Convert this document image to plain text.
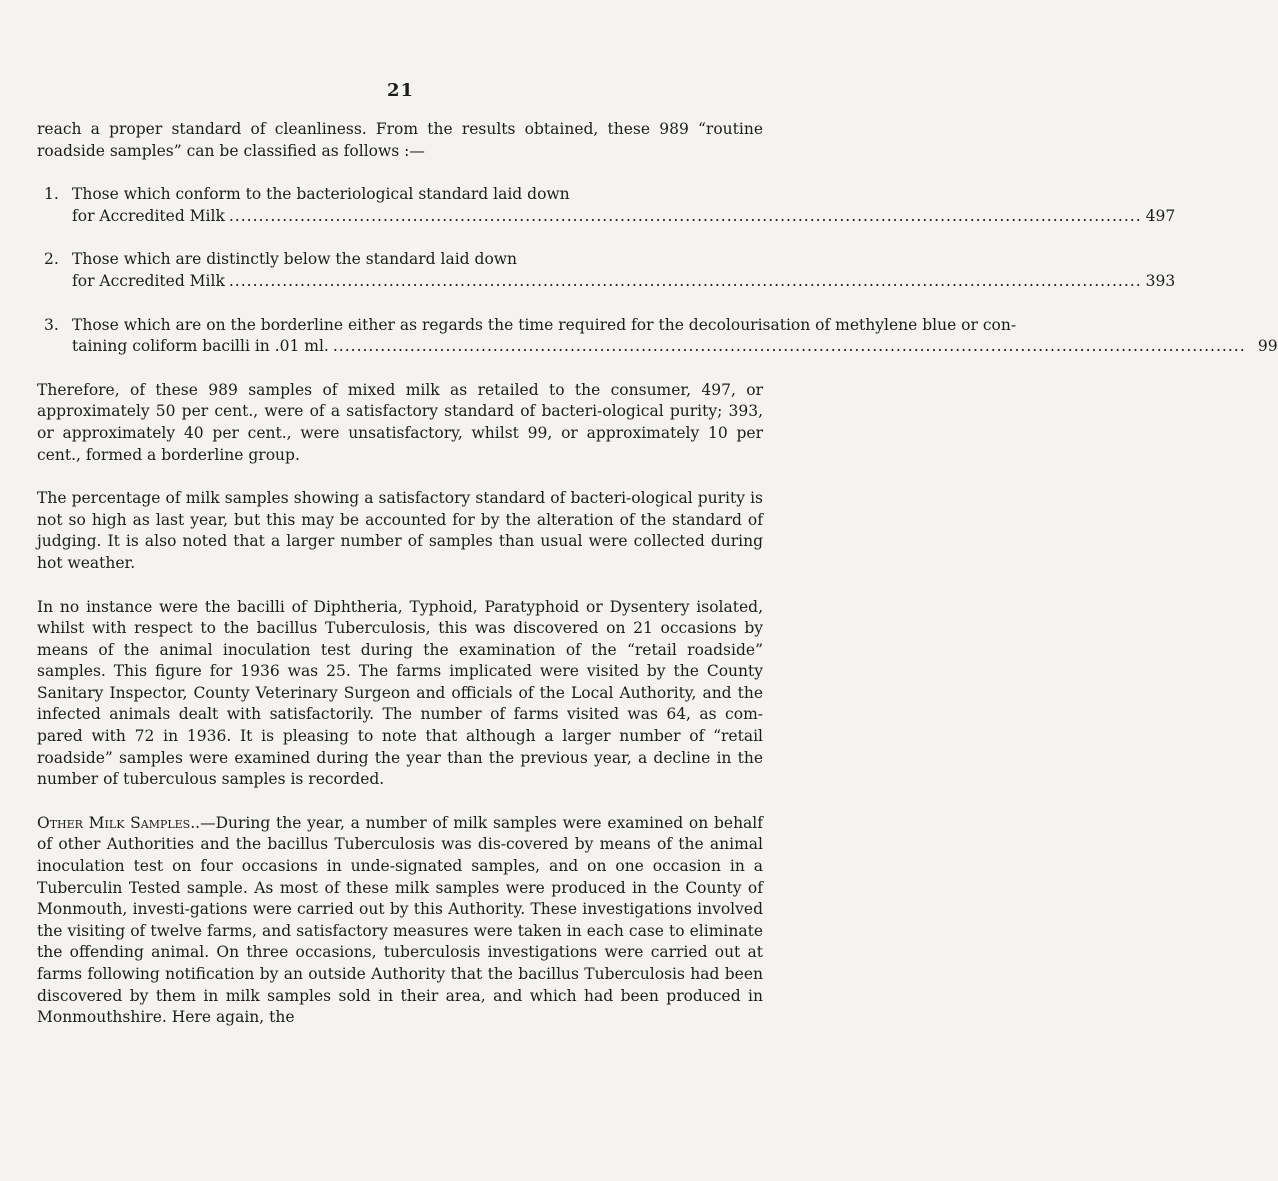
21

reach a proper standard of cleanliness. From the results obtained, these 989 “routine roadside samples” can be classified as follows :—

1. Those which conform to the bacteriological standard laid down
for Accredited Milk .....	497
2. Those which are distinctly below the standard laid down
for Accredited Milk .....	393
3. Those which are on the borderline either as regards the time required for the decolourisation of methylene blue or con-
taining coliform bacilli in .01 ml. .....	99

Therefore, of these 989 samples of mixed milk as retailed to the consumer, 497, or approximately 50 per cent., were of a satisfactory standard of bacteri-ological purity; 393, or approximately 40 per cent., were unsatisfactory, whilst 99, or approximately 10 per cent., formed a borderline group.

The percentage of milk samples showing a satisfactory standard of bacteri-ological purity is not so high as last year, but this may be accounted for by the alteration of the standard of judging. It is also noted that a larger number of samples than usual were collected during hot weather.

In no instance were the bacilli of Diphtheria, Typhoid, Paratyphoid or Dysentery isolated, whilst with respect to the bacillus Tuberculosis, this was discovered on 21 occasions by means of the animal inoculation test during the examination of the “retail roadside” samples. This figure for 1936 was 25. The farms implicated were visited by the County Sanitary Inspector, County Veterinary Surgeon and officials of the Local Authority, and the infected animals dealt with satisfactorily. The number of farms visited was 64, as com-pared with 72 in 1936. It is pleasing to note that although a larger number of “retail roadside” samples were examined during the year than the previous year, a decline in the number of tuberculous samples is recorded.

Other Milk Samples..—During the year, a number of milk samples were examined on behalf of other Authorities and the bacillus Tuberculosis was dis-covered by means of the animal inoculation test on four occasions in unde-signated samples, and on one occasion in a Tuberculin Tested sample. As most of these milk samples were produced in the County of Monmouth, investi-gations were carried out by this Authority. These investigations involved the visiting of twelve farms, and satisfactory measures were taken in each case to eliminate the offending animal. On three occasions, tuberculosis investigations were carried out at farms following notification by an outside Authority that the bacillus Tuberculosis had been discovered by them in milk samples sold in their area, and which had been produced in Monmouthshire. Here again, the
